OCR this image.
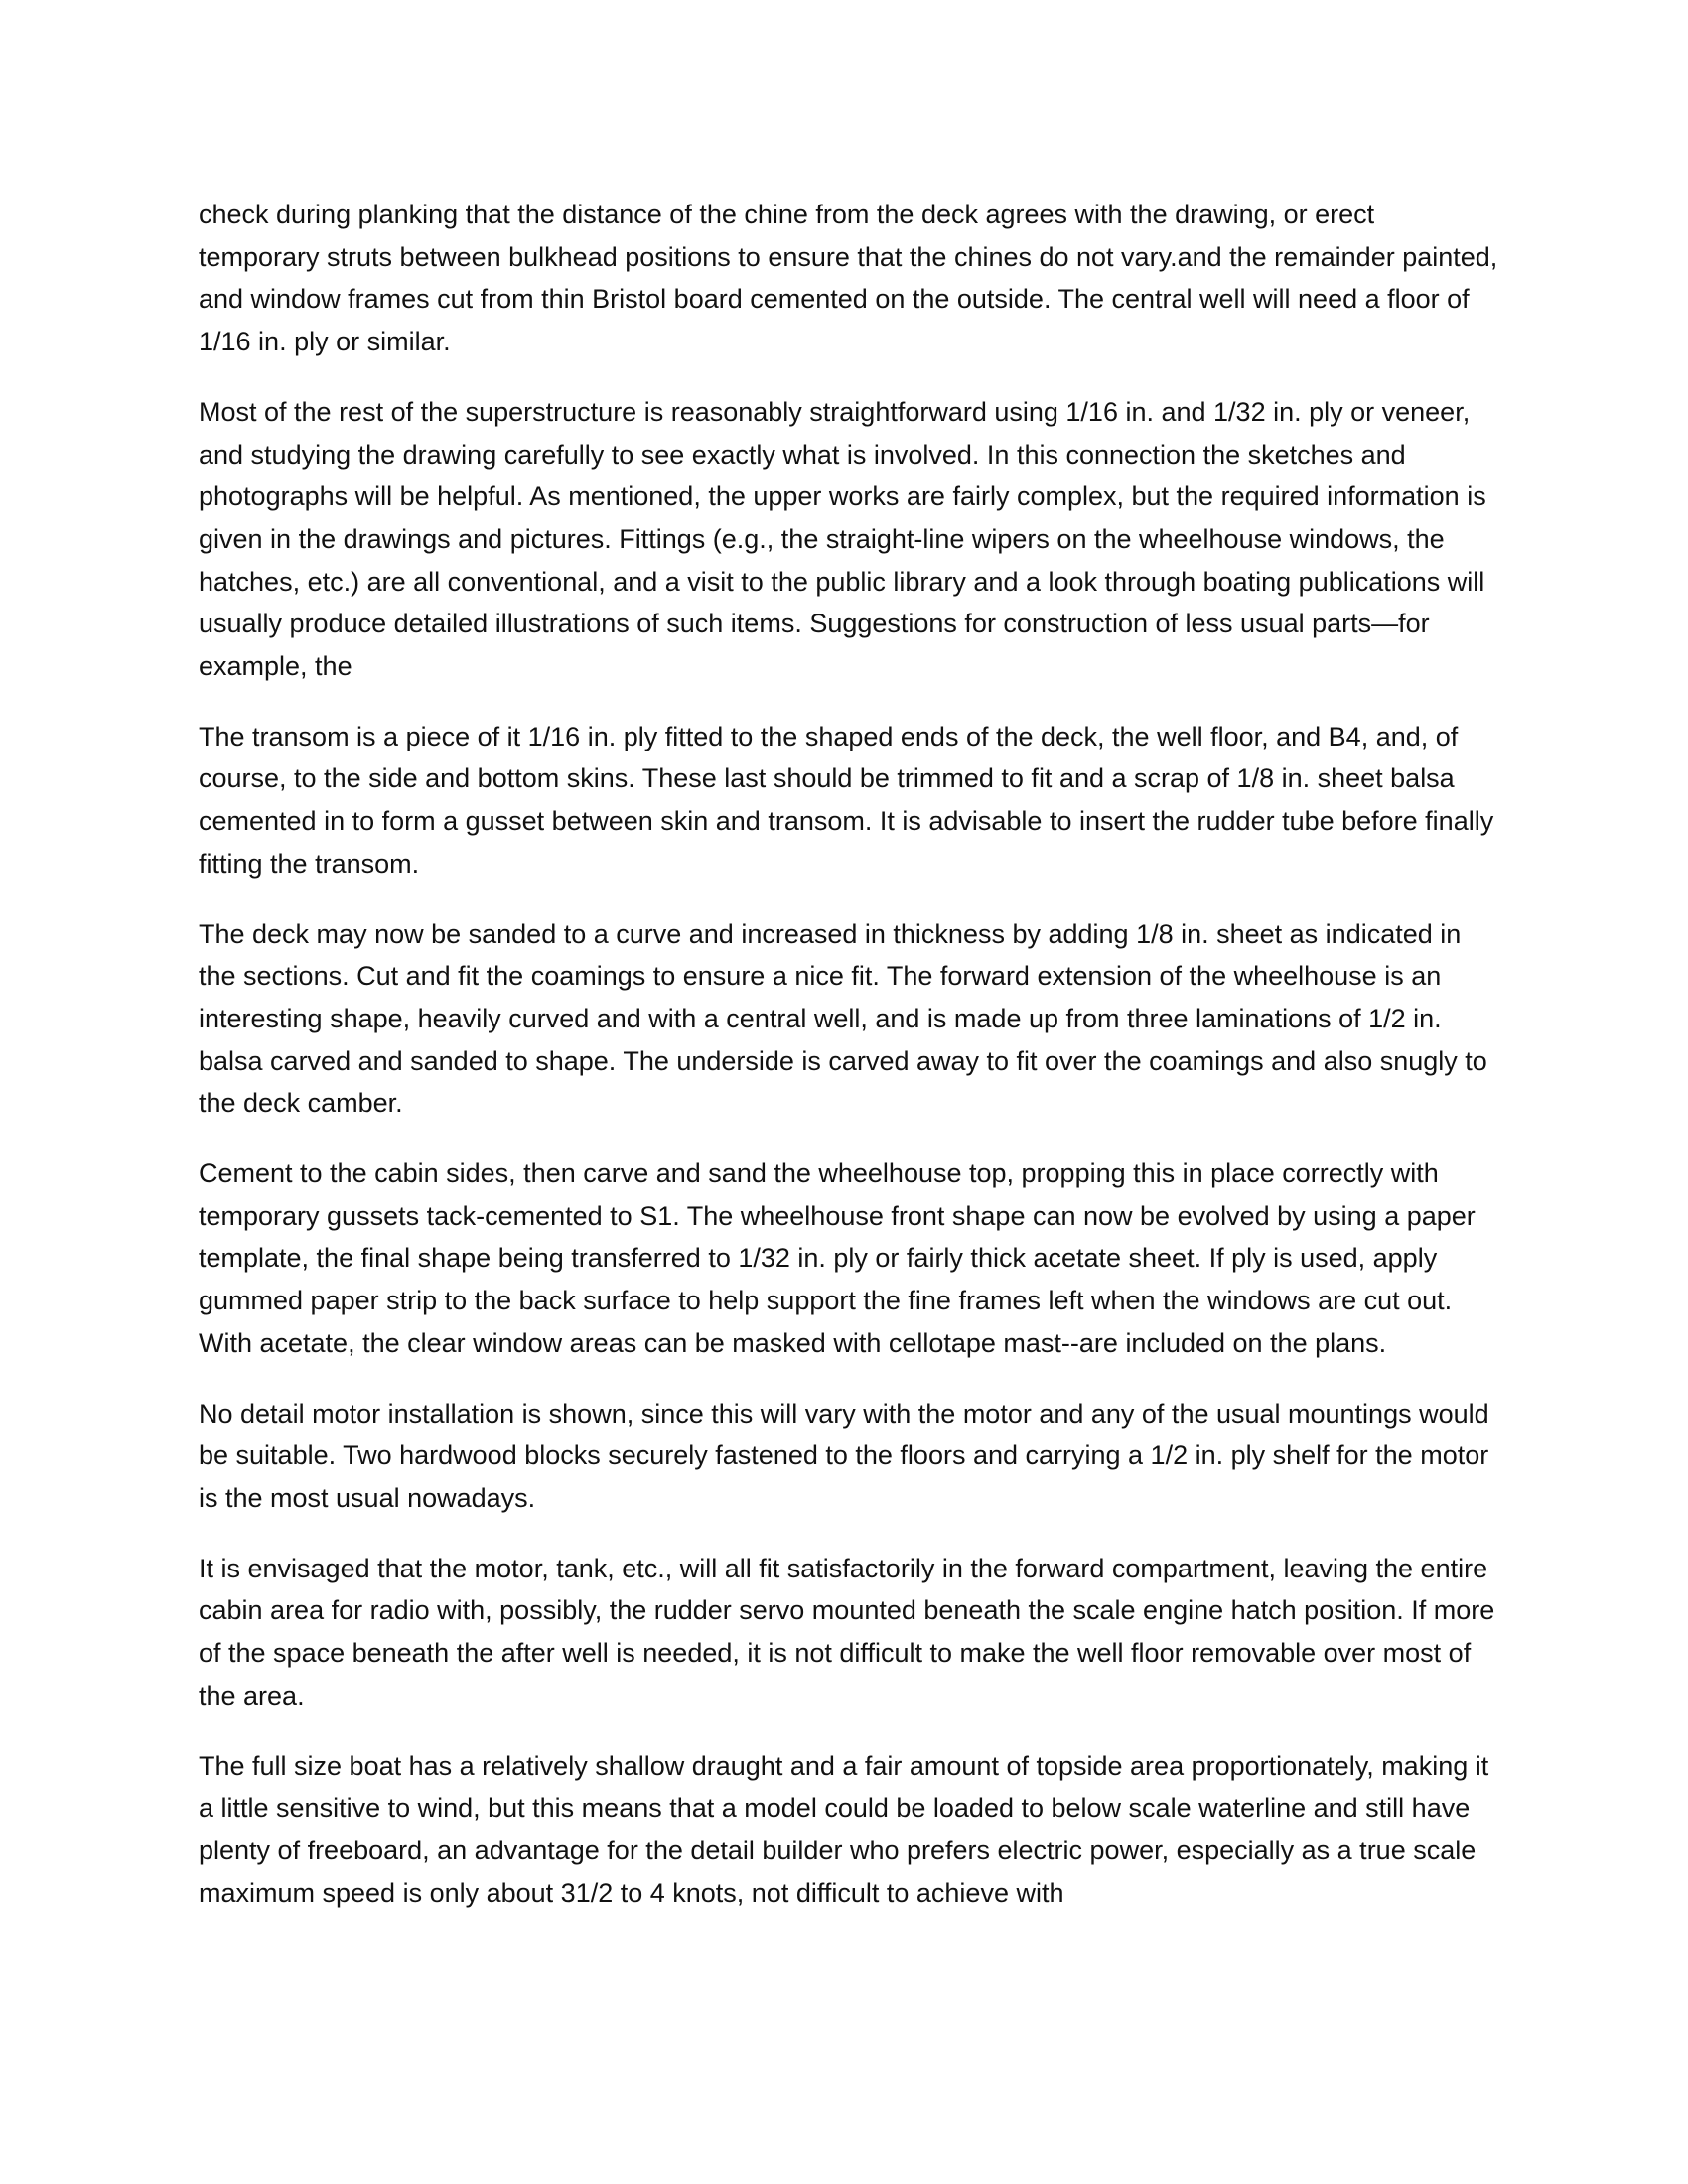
check during planking that the distance of the chine from the deck agrees with the drawing, or erect temporary struts between bulkhead positions to ensure that the chines do not vary.and the remainder painted, and window frames cut from thin Bristol board cemented on the outside. The central well will need a floor of 1/16 in. ply or similar.

Most of the rest of the superstructure is reasonably straightforward using 1/16 in. and 1/32 in. ply or veneer, and studying the drawing carefully to see exactly what is involved. In this connection the sketches and photographs will be helpful. As mentioned, the upper works are fairly complex, but the required information is given in the drawings and pictures. Fittings (e.g., the straight-line wipers on the wheelhouse windows, the hatches, etc.) are all conventional, and a visit to the public library and a look through boating publications will usually produce detailed illustrations of such items. Suggestions for construction of less usual parts—for example, the

The transom is a piece of it 1/16 in. ply fitted to the shaped ends of the deck, the well floor, and B4, and, of course, to the side and bottom skins. These last should be trimmed to fit and a scrap of 1/8 in. sheet balsa cemented in to form a gusset between skin and transom. It is advisable to insert the rudder tube before finally fitting the transom.

The deck may now be sanded to a curve and increased in thickness by adding 1/8 in. sheet as indicated in the sections. Cut and fit the coamings to ensure a nice fit. The forward extension of the wheelhouse is an interesting shape, heavily curved and with a central well, and is made up from three laminations of 1/2 in. balsa carved and sanded to shape. The underside is carved away to fit over the coamings and also snugly to the deck camber.

Cement to the cabin sides, then carve and sand the wheelhouse top, propping this in place correctly with temporary gussets tack-cemented to S1. The wheelhouse front shape can now be evolved by using a paper template, the final shape being transferred to 1/32 in. ply or fairly thick acetate sheet. If ply is used, apply gummed paper strip to the back surface to help support the fine frames left when the windows are cut out. With acetate, the clear window areas can be masked with cellotape mast--are included on the plans.

No detail motor installation is shown, since this will vary with the motor and any of the usual mountings would be suitable. Two hardwood blocks securely fastened to the floors and carrying a 1/2 in. ply shelf for the motor is the most usual nowadays.

It is envisaged that the motor, tank, etc., will all fit satisfactorily in the forward compartment, leaving the entire cabin area for radio with, possibly, the rudder servo mounted beneath the scale engine hatch position. If more of the space beneath the after well is needed, it is not difficult to make the well floor removable over most of the area.

The full size boat has a relatively shallow draught and a fair amount of topside area proportionately, making it a little sensitive to wind, but this means that a model could be loaded to below scale waterline and still have plenty of freeboard, an advantage for the detail builder who prefers electric power, especially as a true scale maximum speed is only about 31/2 to 4 knots, not difficult to achieve with
